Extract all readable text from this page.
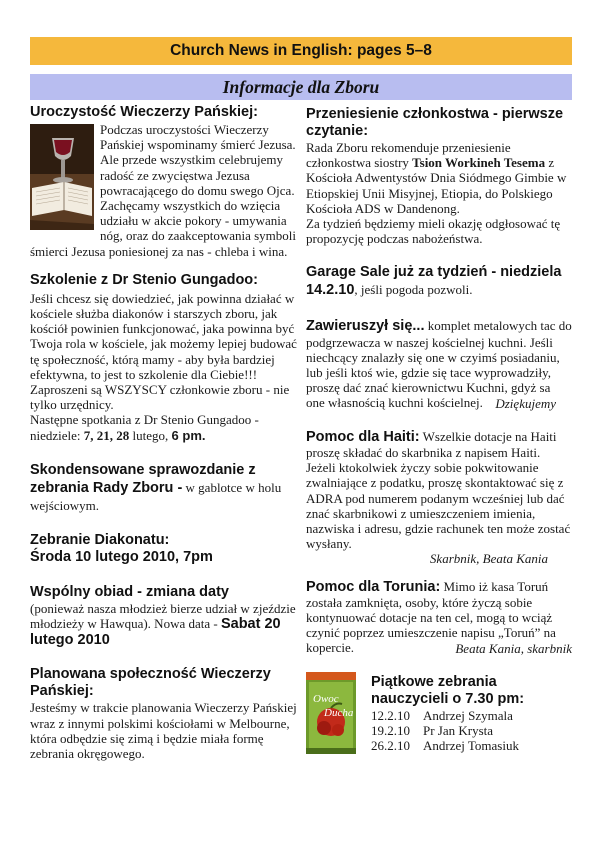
Church News in English: pages 5–8
Informacje dla Zboru
Uroczystość Wieczerzy Pańskiej:

Podczas uroczystości Wieczerzy Pańskiej wspominamy śmierć Jezusa. Ale przede wszystkim celebrujemy radość ze zwycięstwa Jezusa powracającego do domu swego Ojca.

Zachęcamy wszystkich do wzięcia udziału w akcie pokory - umywania nóg, oraz do zaakceptowania symboli śmierci Jezusa poniesionej za nas - chleba i wina.

Szkolenie z Dr Stenio Gungadoo:

Jeśli chcesz się dowiedzieć, jak powinna działać w kościele służba diakonów i starszych zboru, jak kościół powinien funkcjonować, jaka powinna być Twoja rola w kościele, jak możemy lepiej budować tę społeczność, którą mamy - aby była bardziej efektywna, to jest to szkolenie dla Ciebie!!!

Zaproszeni są WSZYSCY członkowie zboru - nie tylko urzędnicy.

Następne spotkania z Dr Stenio Gungadoo - niedziele: 7, 21, 28 lutego, 6 pm.

Skondensowane sprawozdanie z zebrania Rady Zboru - w gablotce w holu wejściowym.

Zebranie Diakonatu:
Środa 10 lutego 2010, 7pm
Wspólny obiad - zmiana daty

(ponieważ nasza młodzież bierze udział w zjeździe młodzieży w Hawqua). Nowa data - Sabat 20 lutego 2010

Planowana społeczność Wieczerzy Pańskiej:

Jesteśmy w trakcie planowania Wieczerzy Pańskiej wraz z innymi polskimi kościołami w Melbourne, która odbędzie się zimą i będzie miała formę zebrania okręgowego.

Przeniesienie członkostwa - pierwsze czytanie:

Rada Zboru rekomenduje przeniesienie członkostwa siostry Tsion Workineh Tesema z Kościoła Adwentystów Dnia Siódmego Gimbie w Etiopskiej Unii Misyjnej, Etiopia, do Polskiego Kościoła ADS w Dandenong.

Za tydzień będziemy mieli okazję odgłosować tę propozycję podczas nabożeństwa.

Garage Sale już za tydzień - niedziela 14.2.10, jeśli pogoda pozwoli.

Zawieruszył się... komplet metalowych tac do podgrzewacza w naszej kościelnej kuchni. Jeśli niechcący znalazły się one w czyimś posiadaniu, lub jeśli ktoś wie, gdzie się tace wyprowadziły, proszę dać znać kierownictwu Kuchni, gdyż sa one własnością kuchni kościelnej. Dziękujemy

Pomoc dla Haiti: Wszelkie dotacje na Haiti proszę składać do skarbnika z napisem Haiti. Jeżeli ktokolwiek życzy sobie pokwitowanie zwalniające z podatku, proszę skontaktować się z ADRA pod numerem podanym wcześniej lub dać znać skarbnikowi z umieszczeniem imienia, nazwiska i adresu, gdzie rachunek ten może zostać wysłany.

Skarbnik, Beata Kania

Pomoc dla Torunia: Mimo iż kasa Toruń została zamknięta, osoby, które życzą sobie kontynuować dotacje na ten cel, mogą to wciąż czynić poprzez umieszczenie napisu „Toruń” na kopercie.	Beata Kania, skarbnik

Owoc
Ducha
Piątkowe zebrania nauczycieli o 7.30 pm:
12.2.10	Andrzej Szymala
19.2.10	Pr Jan Krysta
26.2.10	Andrzej Tomasiuk
